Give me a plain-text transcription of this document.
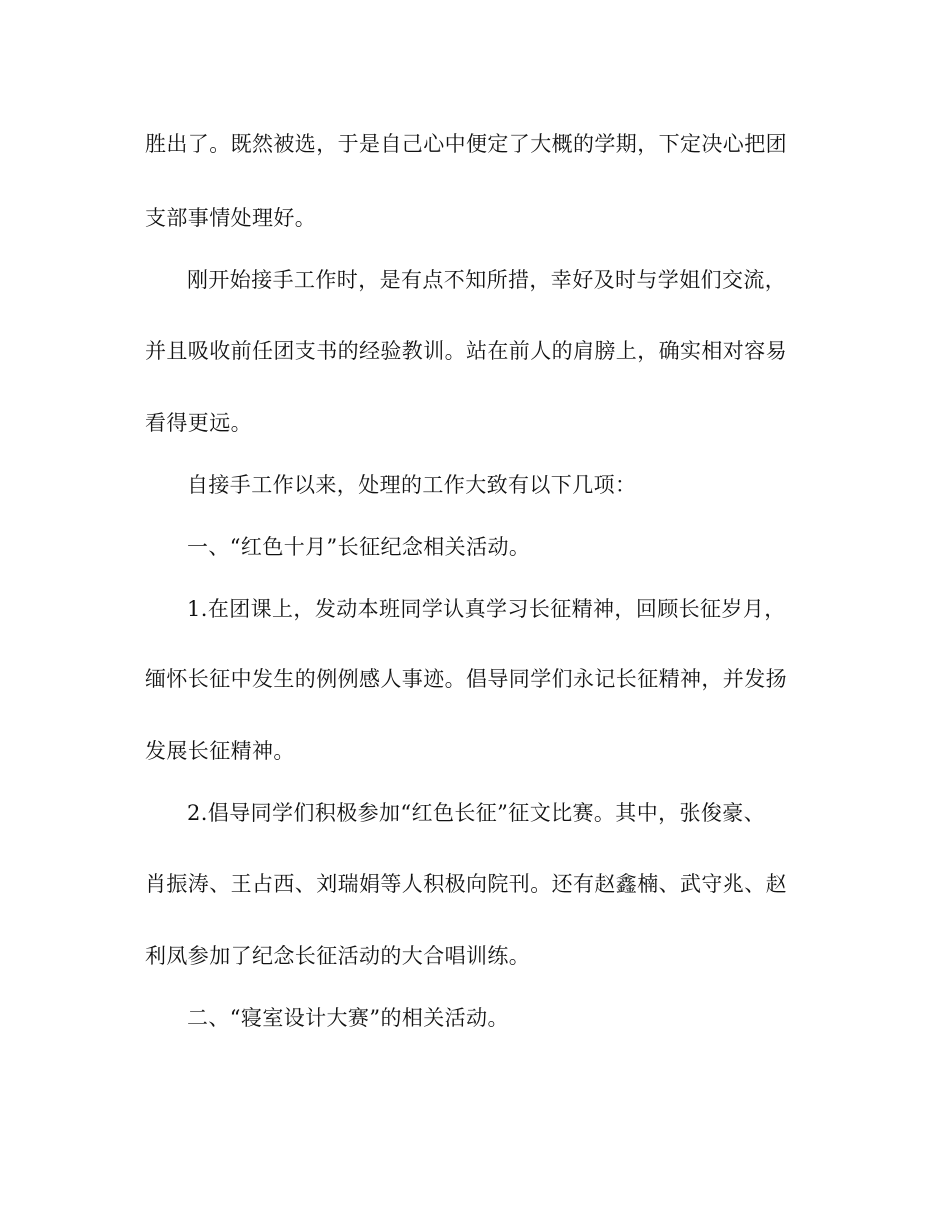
胜出了。既然被选，于是自己心中便定了大概的学期，下定决心把团
支部事情处理好。
刚开始接手工作时，是有点不知所措，幸好及时与学姐们交流，
并且吸收前任团支书的经验教训。站在前人的肩膀上，确实相对容易
看得更远。
自接手工作以来，处理的工作大致有以下几项：
一、“红色十月”长征纪念相关活动。
1.在团课上，发动本班同学认真学习长征精神，回顾长征岁月，
缅怀长征中发生的例例感人事迹。倡导同学们永记长征精神，并发扬
发展长征精神。
2.倡导同学们积极参加“红色长征”征文比赛。其中，张俊豪、
肖振涛、王占西、刘瑞娟等人积极向院刊。还有赵鑫楠、武守兆、赵
利凤参加了纪念长征活动的大合唱训练。
二、“寝室设计大赛”的相关活动。
